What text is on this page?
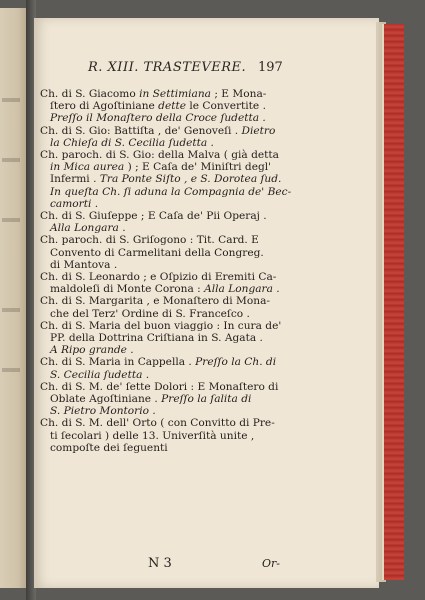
R. XIII. TRASTEVERE. 197

Ch. di S. Giacomo in Settimiana ; E Mona-

ſtero di Agoſtiniane dette le Convertite .

Preſſo il Monaſtero della Croce ſudetta .

Ch. di S. Gio: Battiſta , de' Genoveſi . Dietro

la Chieſa di S. Cecilia ſudetta .

Ch. paroch. di S. Gio: della Malva ( già detta

in Mica aurea ) ; E Caſa de' Miniſtri degl'

Infermi . Tra Ponte Siſto , e S. Dorotea ſud.

In queſta Ch. ſi aduna la Compagnia de' Bec-

camorti .

Ch. di S. Giuſeppe ; E Caſa de' Pii Operaj .

Alla Longara .

Ch. paroch. di S. Griſogono : Tit. Card. E

Convento di Carmelitani della Congreg.

di Mantova .

Ch. di S. Leonardo ; e Oſpizio di Eremiti Ca-

maldoleſi di Monte Corona : Alla Longara .

Ch. di S. Margarita , e Monaſtero di Mona-

che del Terz' Ordine di S. Franceſco .

Ch. di S. Maria del buon viaggio : In cura de'

PP. della Dottrina Criſtiana in S. Agata .

A Ripo grande .

Ch. di S. Maria in Cappella . Preſſo la Ch. di

S. Cecilia ſudetta .

Ch. di S. M. de' ſette Dolori : E Monaſtero di

Oblate Agoſtiniane . Preſſo la ſalita di

S. Pietro Montorio .

Ch. di S. M. dell' Orto ( con Convitto di Pre-

ti ſecolari ) delle 13. Univerſità unite ,

compoſte dei ſeguenti

N 3	Or-
